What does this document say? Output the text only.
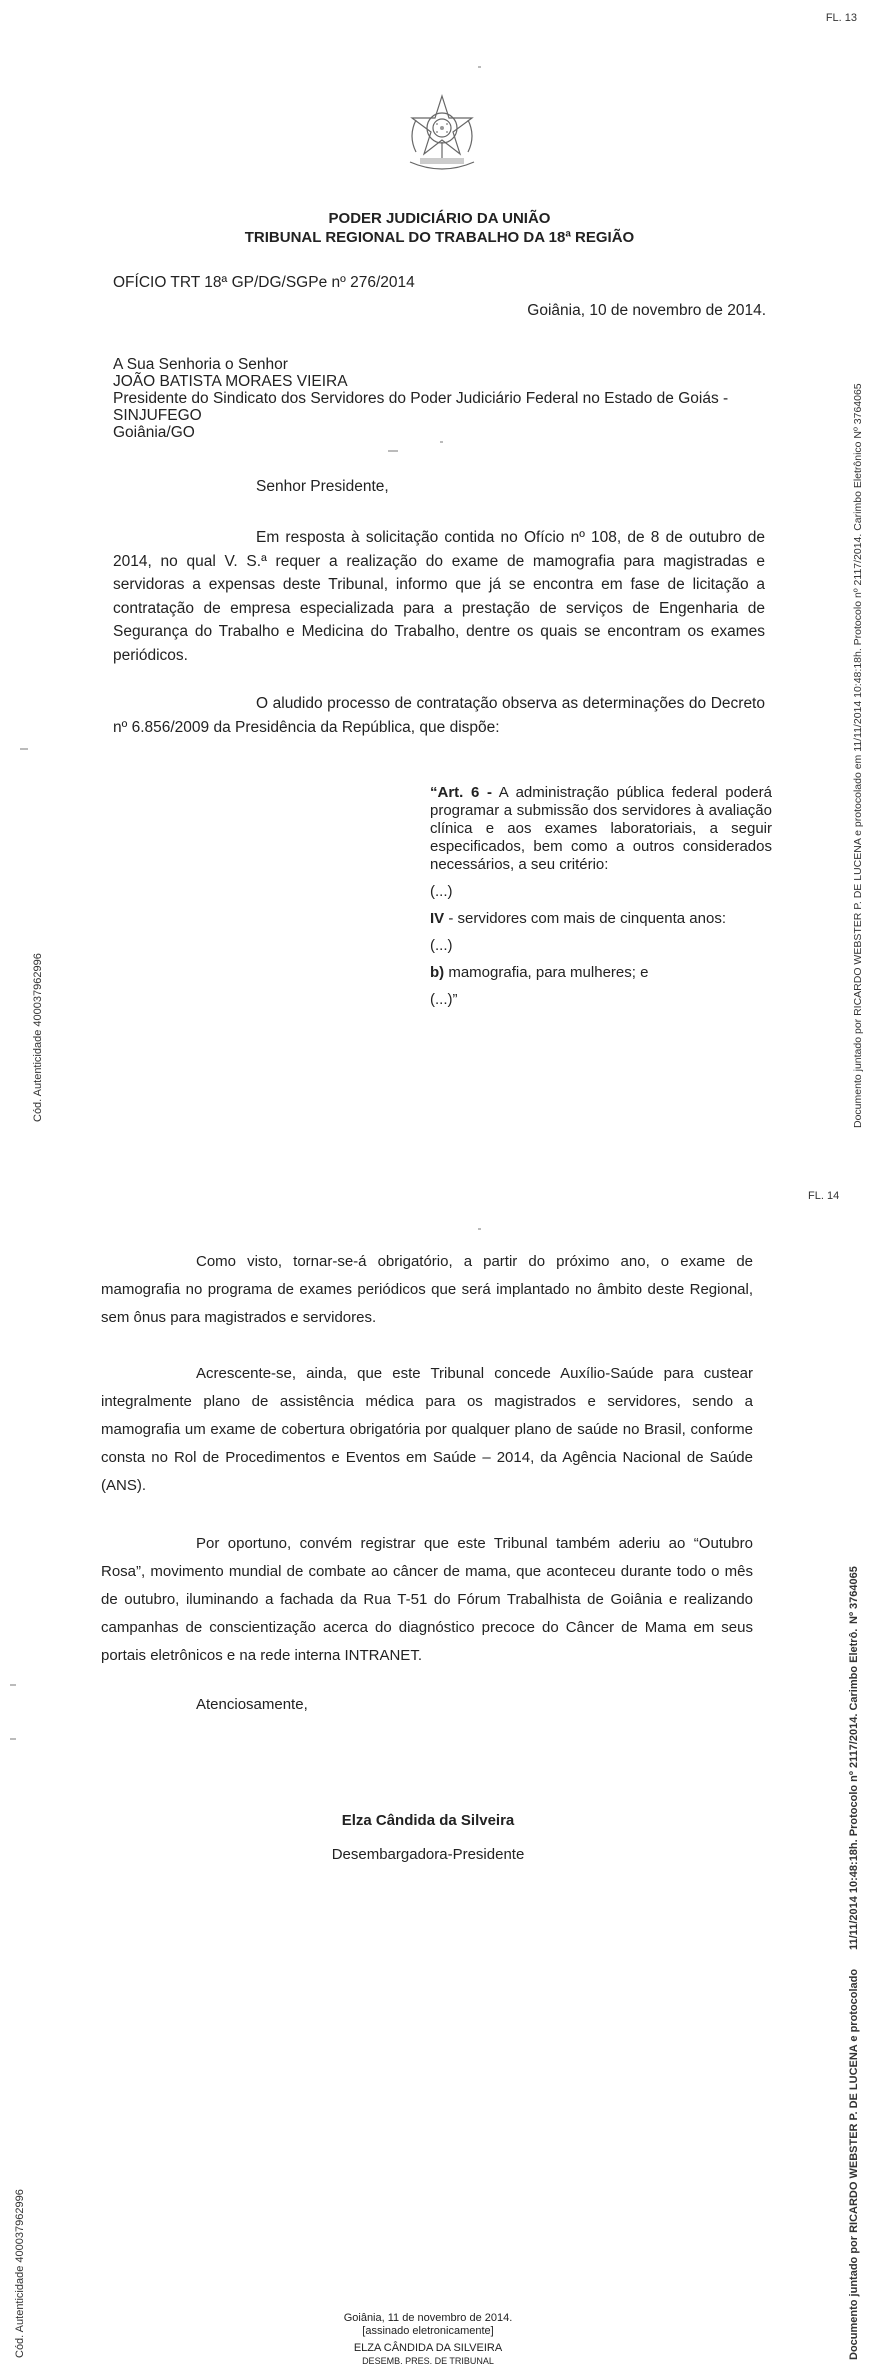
FL. 13
PODER JUDICIÁRIO DA UNIÃO
TRIBUNAL REGIONAL DO TRABALHO DA 18ª REGIÃO
OFÍCIO TRT 18ª GP/DG/SGPe nº 276/2014
Goiânia, 10 de novembro de 2014.
A Sua Senhoria o Senhor
JOÃO BATISTA MORAES VIEIRA
Presidente do Sindicato dos Servidores do Poder Judiciário Federal no Estado de Goiás -
SINJUFEGO
Goiânia/GO
Senhor Presidente,
Em resposta à solicitação contida no Ofício nº 108, de 8 de outubro de 2014, no qual V. S.ª requer a realização do exame de mamografia para magistradas e servidoras a expensas deste Tribunal, informo que já se encontra em fase de licitação a contratação de empresa especializada para a prestação de serviços de Engenharia de Segurança do Trabalho e Medicina do Trabalho, dentre os quais se encontram os exames periódicos.
O aludido processo de contratação observa as determinações do Decreto nº 6.856/2009 da Presidência da República, que dispõe:
“Art. 6 - A administração pública federal poderá programar a submissão dos servidores à avaliação clínica e aos exames laboratoriais, a seguir especificados, bem como a outros considerados necessários, a seu critério:
(...)
IV - servidores com mais de cinquenta anos:
(...)
b) mamografia, para mulheres; e
(...)”
Cód. Autenticidade 400037962996	Documento juntado por RICARDO WEBSTER P. DE LUCENA e protocolado em 11/11/2014 10:48:18h. Protocolo nº 2117/2014. Carimbo Eletrônico Nº 3764065
FL. 14
Como visto, tornar-se-á obrigatório, a partir do próximo ano, o exame de mamografia no programa de exames periódicos que será implantado no âmbito deste Regional, sem ônus para magistrados e servidores.
Acrescente-se, ainda, que este Tribunal concede Auxílio-Saúde para custear integralmente plano de assistência médica para os magistrados e servidores, sendo a mamografia um exame de cobertura obrigatória por qualquer plano de saúde no Brasil, conforme consta no Rol de Procedimentos e Eventos em Saúde – 2014, da Agência Nacional de Saúde (ANS).
Por oportuno, convém registrar que este Tribunal também aderiu ao “Outubro Rosa”, movimento mundial de combate ao câncer de mama, que aconteceu durante todo o mês de outubro, iluminando a fachada da Rua T-51 do Fórum Trabalhista de Goiânia e realizando campanhas de conscientização acerca do diagnóstico precoce do Câncer de Mama em seus portais eletrônicos e na rede interna INTRANET.
Atenciosamente,
Elza Cândida da Silveira
Desembargadora-Presidente
Goiânia, 11 de novembro de 2014.
[assinado eletronicamente]
ELZA CÂNDIDA DA SILVEIRA
DESEMB. PRES. DE TRIBUNAL
Cód. Autenticidade 400037962996	Documento juntado por RICARDO WEBSTER P. DE LUCENA e protocolado
11/11/2014 10:48:18h. Protocolo nº 2117/2014. Carimbo Eletrô.
Nº 3764065
